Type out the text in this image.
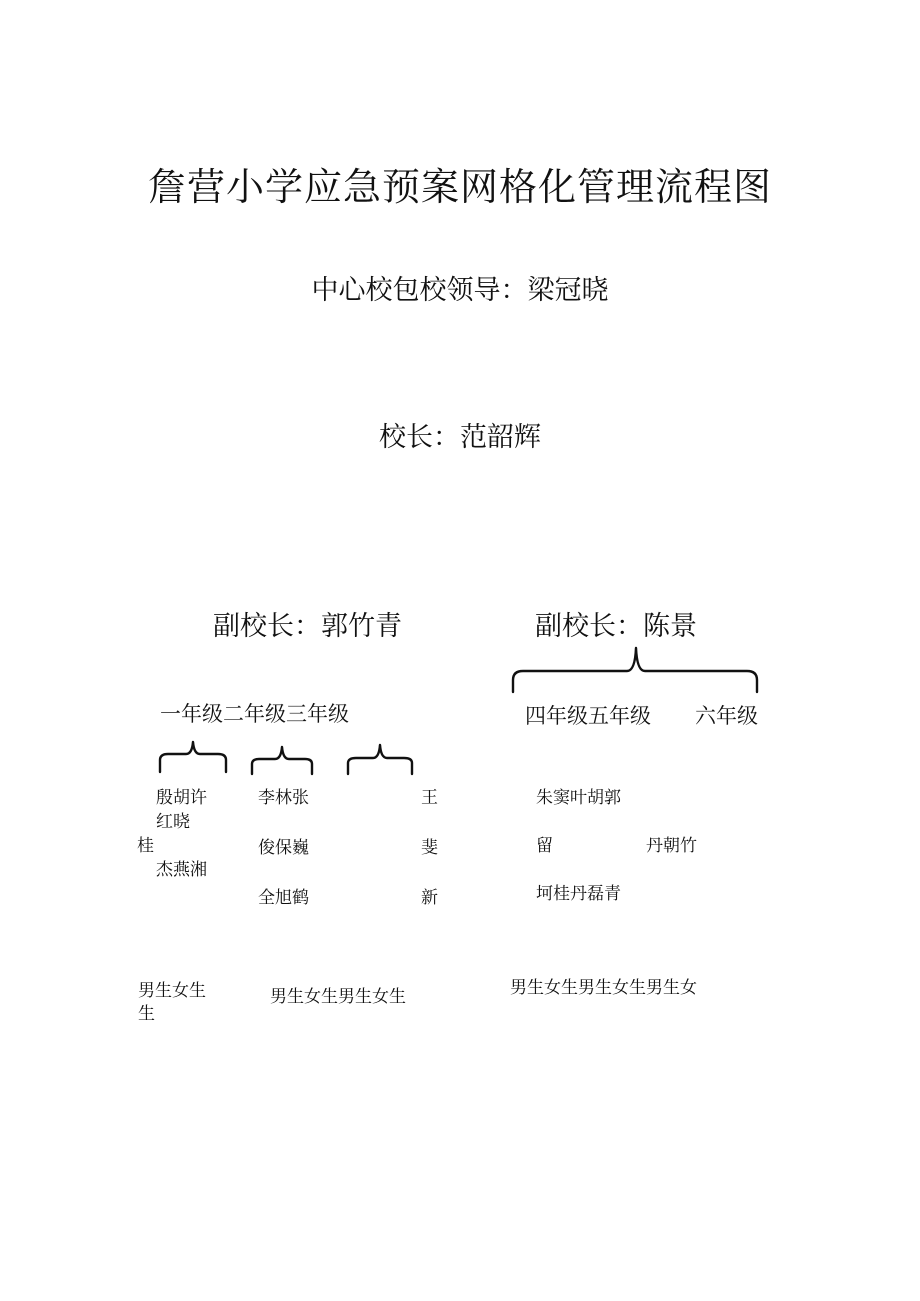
詹营小学应急预案网格化管理流程图
中心校包校领导：梁冠晓
校长：范韶辉
副校长：郭竹青
一年级二年级三年级
殷胡许
红晓
桂
杰燕湘
李林张
俊保巍
全旭鹤
王
斐
新
男生女生
生
男生女生男生女生
副校长：陈景
四年级五年级 六年级
朱窦叶胡郭
留	丹朝竹
坷桂丹磊青
男生女生男生女生男生女
